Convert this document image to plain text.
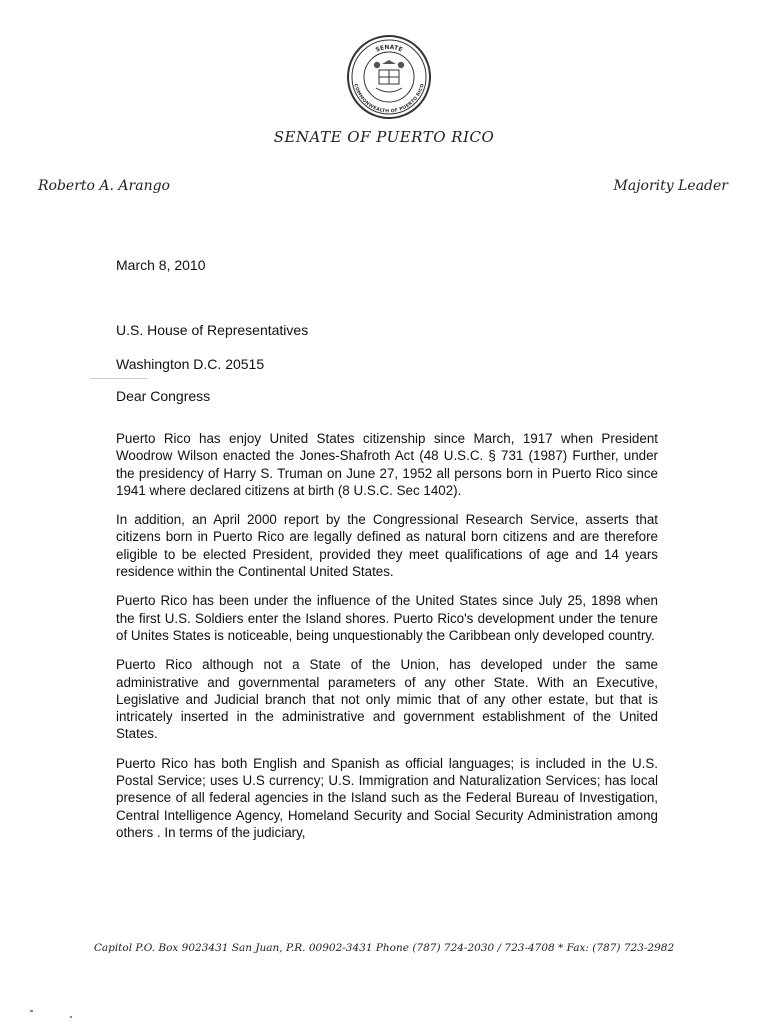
SENATE
COMMONWEALTH OF PUERTO RICO
SENATE OF PUERTO RICO
Roberto A. Arango	Majority Leader
March 8, 2010
U.S. House of Representatives
Washington D.C. 20515
Dear Congress

Puerto Rico has enjoy United States citizenship since March, 1917 when President Woodrow Wilson enacted the Jones-Shafroth Act (48 U.S.C. § 731 (1987) Further, under the presidency of Harry S. Truman on June 27, 1952 all persons born in Puerto Rico since 1941 where declared citizens at birth (8 U.S.C. Sec 1402).

In addition, an April 2000 report by the Congressional Research Service, asserts that citizens born in Puerto Rico are legally defined as natural born citizens and are therefore eligible to be elected President, provided they meet qualifications of age and 14 years residence within the Continental United States.

Puerto Rico has been under the influence of the United States since July 25, 1898 when the first U.S. Soldiers enter the Island shores. Puerto Rico's development under the tenure of Unites States is noticeable, being unquestionably the Caribbean only developed country.

Puerto Rico although not a State of the Union, has developed under the same administrative and governmental parameters of any other State. With an Executive, Legislative and Judicial branch that not only mimic that of any other estate, but that is intricately inserted in the administrative and government establishment of the United States.

Puerto Rico has both English and Spanish as official languages; is included in the U.S. Postal Service; uses U.S currency; U.S. Immigration and Naturalization Services; has local presence of all federal agencies in the Island such as the Federal Bureau of Investigation, Central Intelligence Agency, Homeland Security and Social Security Administration among others . In terms of the judiciary,

Capitol P.O. Box 9023431 San Juan, P.R. 00902-3431 Phone (787) 724-2030 / 723-4708 * Fax: (787) 723-2982
